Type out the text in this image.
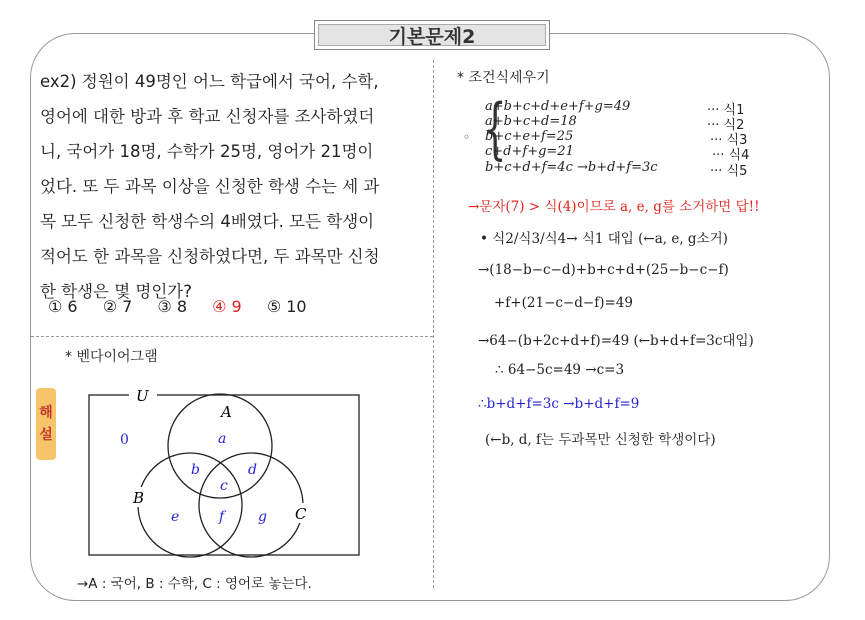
기본문제2
ex2) 정원이 49명인 어느 학급에서 국어, 수학,
영어에 대한 방과 후 학교 신청자를 조사하였더
니, 국어가 18명, 수학가 25명, 영어가 21명이
었다. 또 두 과목 이상을 신청한 학생 수는 세 과
목 모두 신청한 학생수의 4배였다. 모든 학생이
적어도 한 과목을 신청하였다면, 두 과목만 신청
한 학생은 몇 명인가?
① 6 ② 7 ③ 8 ④ 9 ⑤ 10
해
설
* 벤다이어그램
U
A
B
C
0	a
b
c
d
e	f g
→A : 국어, B : 수학, C : 영어로 놓는다.
* 조건식세우기
◦ {
a+b+c+d+e+f+g=49	··· 식1
a+b+c+d=18	··· 식2
b+c+e+f=25	··· 식3
c+d+f+g=21	··· 식4
b+c+d+f=4c →b+d+f=3c	··· 식5
→문자(7) > 식(4)이므로 a, e, g를 소거하면 답!!
• 식2/식3/식4→ 식1 대입 (←a, e, g소거)
→(18−b−c−d)+b+c+d+(25−b−c−f)
+f+(21−c−d−f)=49
→64−(b+2c+d+f)=49 (←b+d+f=3c대입)
∴ 64−5c=49 →c=3
∴b+d+f=3c →b+d+f=9
(←b, d, f는 두과목만 신청한 학생이다)
